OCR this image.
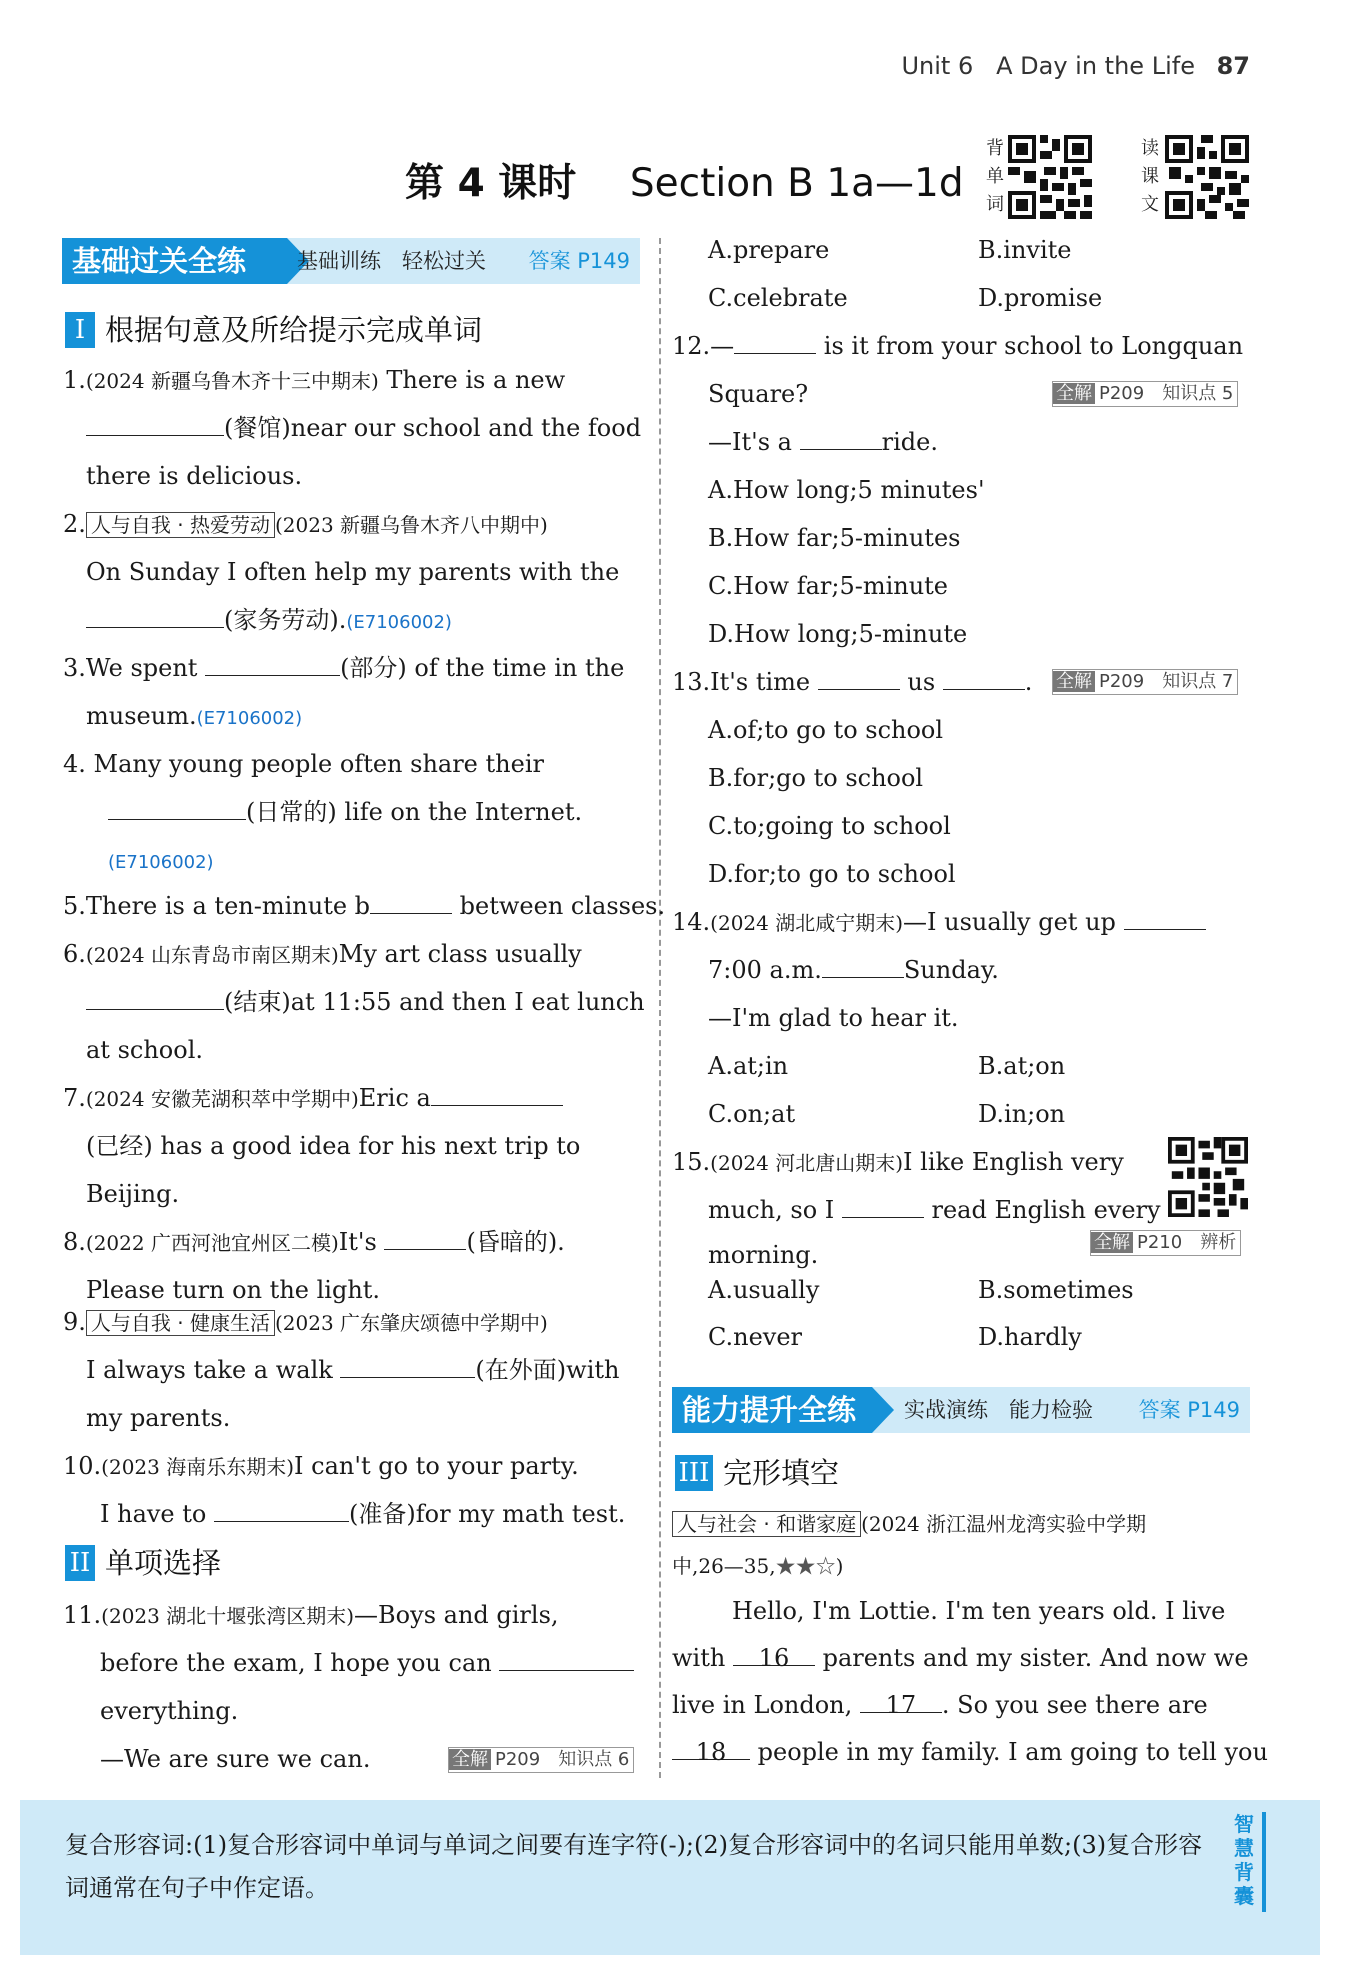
Unit 6 A Day in the Life 87
第 4 课时 Section B 1a—1d
背
单
词
读
课
文
基础过关全练	基础训练　轻松过关 答案 P149
I 根据句意及所给提示完成单词
1.(2024 新疆乌鲁木齐十三中期末) There is a new
(餐馆)near our school and the food
there is delicious.
2. 人与自我 · 热爱劳动 (2023 新疆乌鲁木齐八中期中)
On Sunday I often help my parents with the
(家务劳动).(E7106002)
3.We spent	(部分) of the time in the
museum.(E7106002)
4. Many young people often share their
(日常的) life on the Internet.
(E7106002)
5.There is a ten-minute b	between classes.
6.(2024 山东青岛市南区期末)My art class usually
(结束)at 11:55 and then I eat lunch
at school.
7.(2024 安徽芜湖积萃中学期中)Eric a
(已经) has a good idea for his next trip to
Beijing.
8.(2022 广西河池宜州区二模)It's	(昏暗的).
Please turn on the light.
9. 人与自我 · 健康生活 (2023 广东肇庆颂德中学期中)
I always take a walk	(在外面)with
my parents.
10.(2023 海南乐东期末)I can't go to your party.
I have to	(准备)for my math test.
II 单项选择
11.(2023 湖北十堰张湾区期末)—Boys and girls,
before the exam, I hope you can
everything.
—We are sure we can.	全解 P209　知识点 6
A.prepare	B.invite
C.celebrate	D.promise
12.—	is it from your school to Longquan
Square?	全解 P209　知识点 5
—It's a	ride.
A.How long;5 minutes'
B.How far;5-minutes
C.How far;5-minute
D.How long;5-minute
13.It's time	us	. 全解 P209　知识点 7
A.of;to go to school
B.for;go to school
C.to;going to school
D.for;to go to school
14.(2024 湖北咸宁期末)—I usually get up
7:00 a.m.	Sunday.
—I'm glad to hear it.
A.at;in	B.at;on
C.on;at	D.in;on
15.(2024 河北唐山期末)I like English very
much, so I	read English every
morning.	全解 P210　辨析
A.usually	B.sometimes
C.never	D.hardly
能力提升全练	实战演练　能力检验 答案 P149
III 完形填空
人与社会 · 和谐家庭 (2024 浙江温州龙湾实验中学期
中,26—35,★★☆)
Hello, I'm Lottie. I'm ten years old. I live
with 16 parents and my sister. And now we
live in London, 17 . So you see there are
18 people in my family. I am going to tell you
复合形容词:(1)复合形容词中单词与单词之间要有连字符(-);(2)复合形容词中的名词只能用单数;(3)复合形容词通常在句子中作定语。
智
慧
背
囊
